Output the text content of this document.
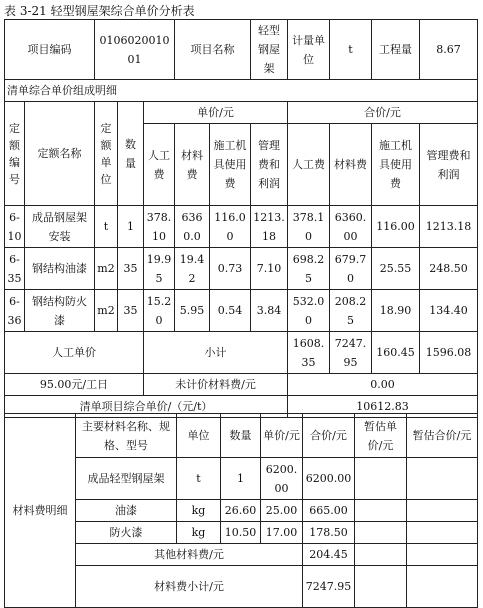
表 3-21 轻型钢屋架综合单价分析表
项目编码		010602001001			项目名称		轻型钢屋架	计量单位	t	工程量	8.67
清单综合单价组成明细											
定额编号	定额名称	定额单位	数量	单价/元				合价/元			
				人工费	材料费	施工机具使用费	管理费和利润	人工费	材料费	施工机具使用费	管理费和利润
6-10	成品钢屋架安装	t	1	378.10	6360.0	116.00	1213.18	378.10	6360.00	116.00	1213.18
6-35	钢结构油漆	m2	35	19.95	19.42	0.73	7.10	698.25	679.70	25.55	248.50
6-36	钢结构防火漆	m2	35	15.20	5.95	0.54	3.84	532.00	208.25	18.90	134.40
人工单价				小计				1608.35	7247.95	160.45	1596.08
95.00元/工日				未计价材料费/元				0.00			
清单项目综合单价/（元/t）								10612.83			
材料费明细	主要材料名称、规格、型号	单位	数量	单价/元	合价/元	暂估单价/元	暂估合价/元
	成品轻型钢屋架	t	1	6200.00	6200.00		
	油漆	kg	26.60	25.00	665.00		
	防火漆	kg	10.50	17.00	178.50		
	其他材料费/元				204.45		
	材料费小计/元				7247.95		
